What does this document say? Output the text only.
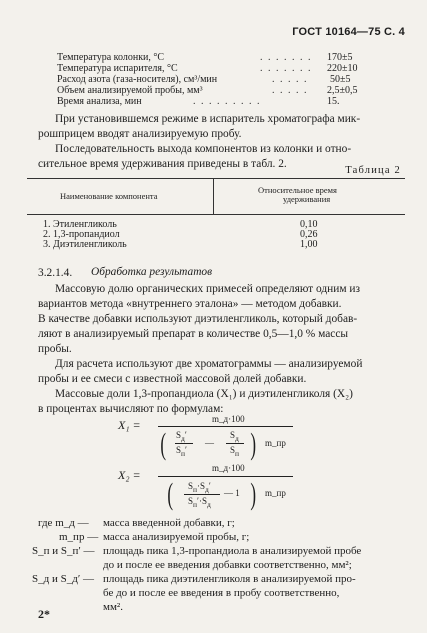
ГОСТ 10164—75 С. 4
Температура колонки, °С	. . . . . . . 170±5
Температура испарителя, °С	. . . . . . . 220±10
Расход азота (газа-носителя), см³/мин	. . . . . 50±5
Объем анализируемой пробы, мм³	. . . . . 2,5±0,5
Время анализа, мин	. . . . . . . . .	15.
При установившемся режиме в испаритель хроматографа мик-
рошприцем вводят анализируемую пробу.
Последовательность выхода компонентов из колонки и отно-
сительное время удерживания приведены в табл. 2.
Таблица 2
Наименование компонента
Относительное время
удерживания
1. Этиленгликоль	0,10
2. 1,3-пропандиол	0,26
3. Диэтиленгликоль	1,00
3.2.1.4. Обработка результатов
Массовую долю органических примесей определяют одним из
вариантов метода «внутреннего эталона» — методом добавки.
В качестве добавки используют диэтиленгликоль, который добав-
ляют в анализируемый препарат в количестве 0,5—1,0 % массы
пробы.
Для расчета используют две хроматограммы — анализируемой
пробы и ее смеси с известной массовой долей добавки.
Массовые доли 1,3-пропандиола (X₁) и диэтиленгликоля (X₂)
в процентах вычисляют по формулам:
X₁ =	m_д·100
( $S_д'$
$S_п'$
—
$S_д$
$S_п$ ) m_пр
X₂ =	m_д·100
( $S_п\cdot S_д'$
$S_п'\cdot S_д$
— 1 ) m_пр
где m_д — масса введенной добавки, г;
m_пр — масса анализируемой пробы, г;
S_п и S_п′ — площадь пика 1,3-пропандиола в анализируемой пробе
до и после ее введения добавки соответственно, мм²;
S_д и S_д′ — площадь пика диэтиленгликоля в анализируемой про-
бе до и после ее введения в пробу соответственно,
мм².
2*
